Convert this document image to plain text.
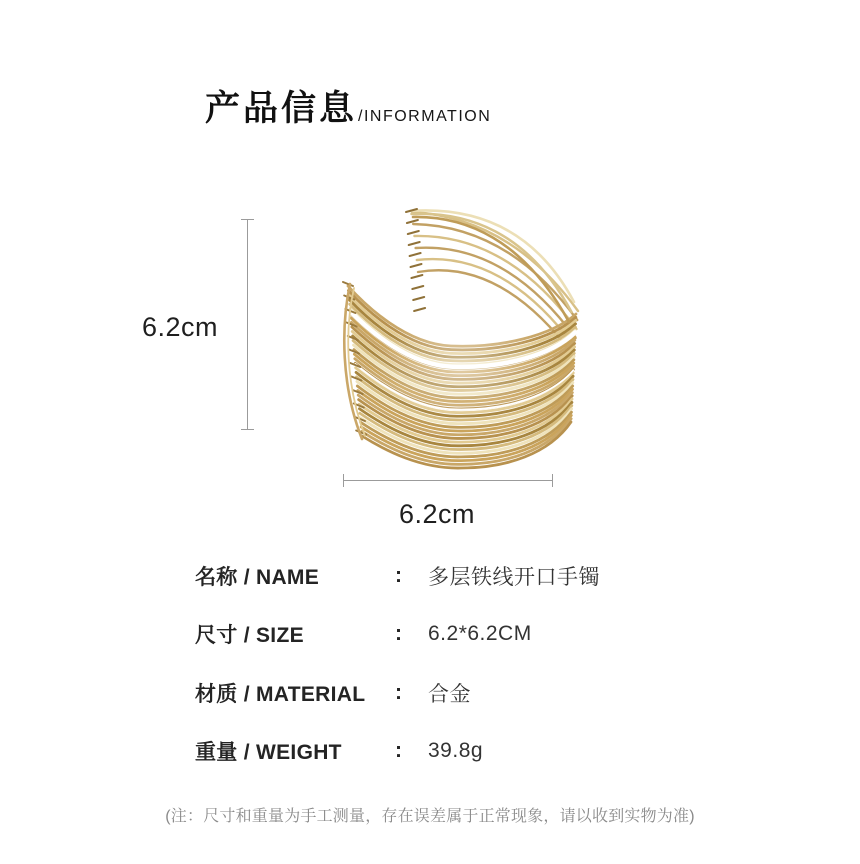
产品信息 /INFORMATION
6.2cm
6.2cm
名称 / NAME	:	多层铁线开口手镯
尺寸 / SIZE	:	6.2*6.2CM
材质 / MATERIAL	:	合金
重量 / WEIGHT	:	39.8g
(注：尺寸和重量为手工测量，存在误差属于正常现象，请以收到实物为准)
